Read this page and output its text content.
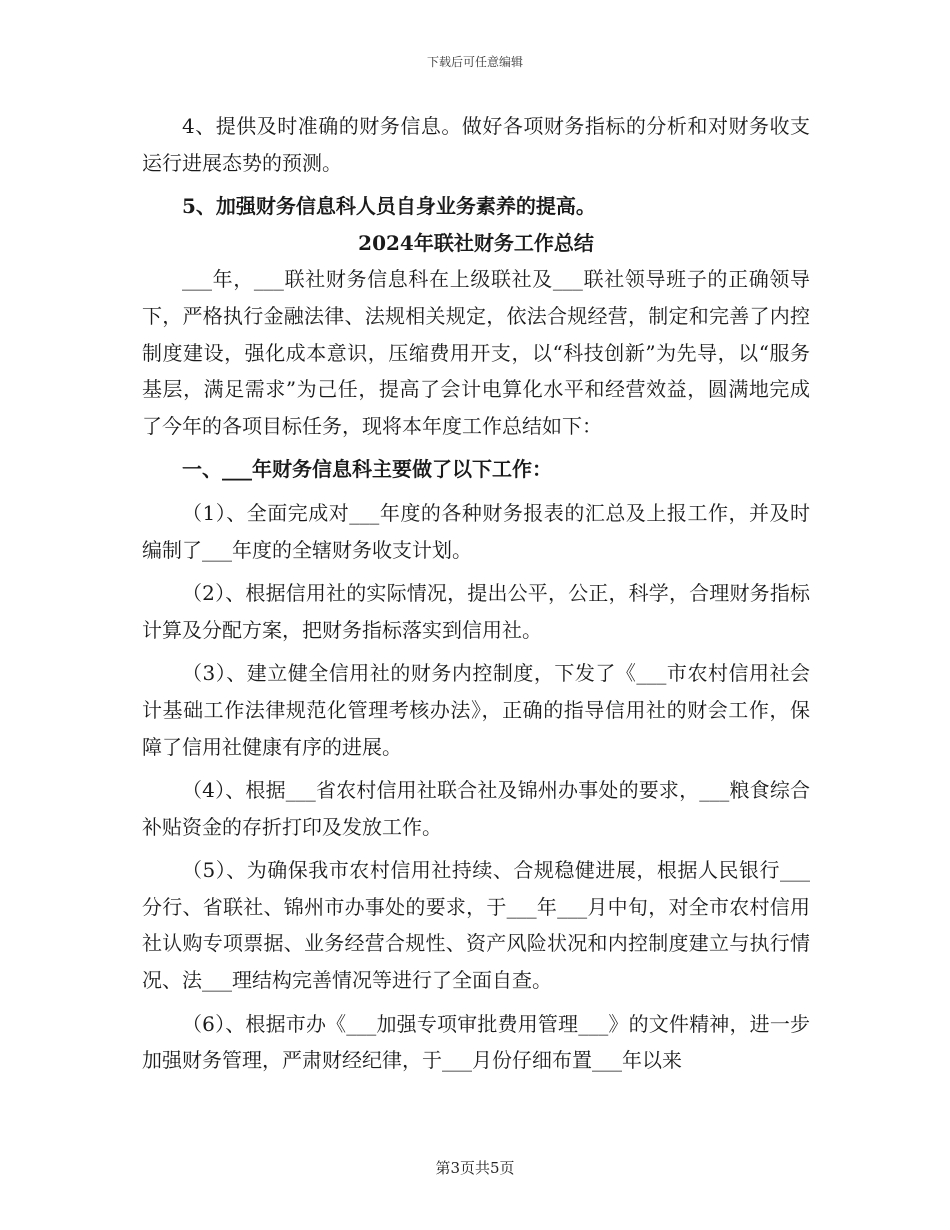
下载后可任意编辑

4、提供及时准确的财务信息。做好各项财务指标的分析和对财务收支运行进展态势的预测。

5、加强财务信息科人员自身业务素养的提高。

2024年联社财务工作总结

___年，___联社财务信息科在上级联社及___联社领导班子的正确领导下，严格执行金融法律、法规相关规定，依法合规经营，制定和完善了内控制度建设，强化成本意识，压缩费用开支，以“科技创新”为先导，以“服务基层，满足需求”为己任，提高了会计电算化水平和经营效益，圆满地完成了今年的各项目标任务，现将本年度工作总结如下：

一、___年财务信息科主要做了以下工作：

（1）、全面完成对___年度的各种财务报表的汇总及上报工作，并及时编制了___年度的全辖财务收支计划。

（2）、根据信用社的实际情况，提出公平，公正，科学，合理财务指标计算及分配方案，把财务指标落实到信用社。

（3）、建立健全信用社的财务内控制度，下发了《___市农村信用社会计基础工作法律规范化管理考核办法》，正确的指导信用社的财会工作，保障了信用社健康有序的进展。

（4）、根据___省农村信用社联合社及锦州办事处的要求，___粮食综合补贴资金的存折打印及发放工作。

（5）、为确保我市农村信用社持续、合规稳健进展，根据人民银行___分行、省联社、锦州市办事处的要求，于___年___月中旬，对全市农村信用社认购专项票据、业务经营合规性、资产风险状况和内控制度建立与执行情况、法___理结构完善情况等进行了全面自查。

（6）、根据市办《___加强专项审批费用管理___》的文件精神，进一步加强财务管理，严肃财经纪律，于___月份仔细布置___年以来

第3页共5页
